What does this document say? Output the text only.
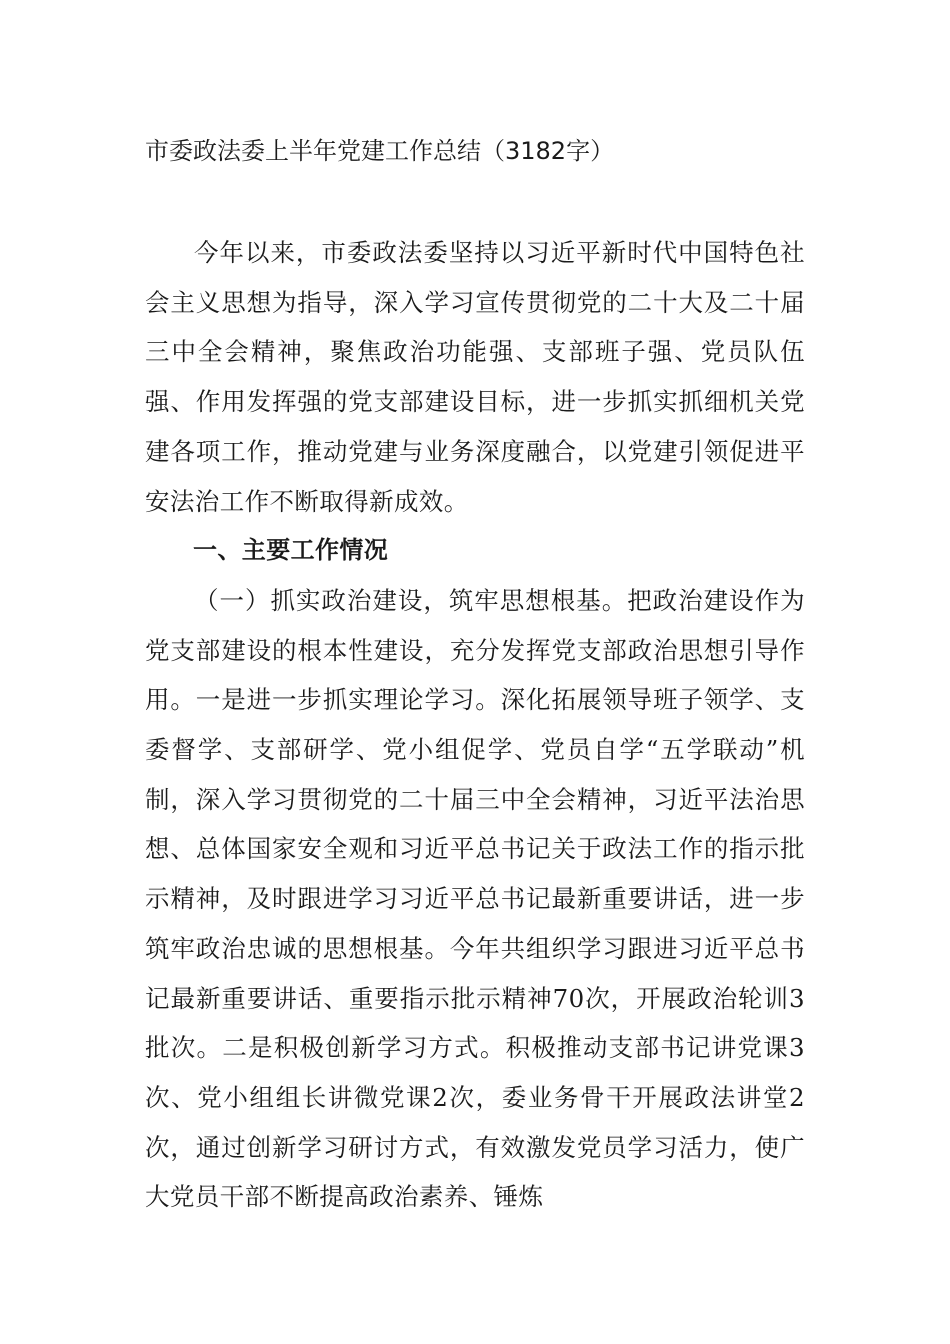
市委政法委上半年党建工作总结（3182字）

今年以来，市委政法委坚持以习近平新时代中国特色社会主义思想为指导，深入学习宣传贯彻党的二十大及二十届三中全会精神，聚焦政治功能强、支部班子强、党员队伍强、作用发挥强的党支部建设目标，进一步抓实抓细机关党建各项工作，推动党建与业务深度融合，以党建引领促进平安法治工作不断取得新成效。

一、主要工作情况

（一）抓实政治建设，筑牢思想根基。把政治建设作为党支部建设的根本性建设，充分发挥党支部政治思想引导作用。一是进一步抓实理论学习。深化拓展领导班子领学、支委督学、支部研学、党小组促学、党员自学“五学联动”机制，深入学习贯彻党的二十届三中全会精神，习近平法治思想、总体国家安全观和习近平总书记关于政法工作的指示批示精神，及时跟进学习习近平总书记最新重要讲话，进一步筑牢政治忠诚的思想根基。今年共组织学习跟进习近平总书记最新重要讲话、重要指示批示精神70次，开展政治轮训3批次。二是积极创新学习方式。积极推动支部书记讲党课3次、党小组组长讲微党课2次，委业务骨干开展政法讲堂2次，通过创新学习研讨方式，有效激发党员学习活力，使广大党员干部不断提高政治素养、锤炼
